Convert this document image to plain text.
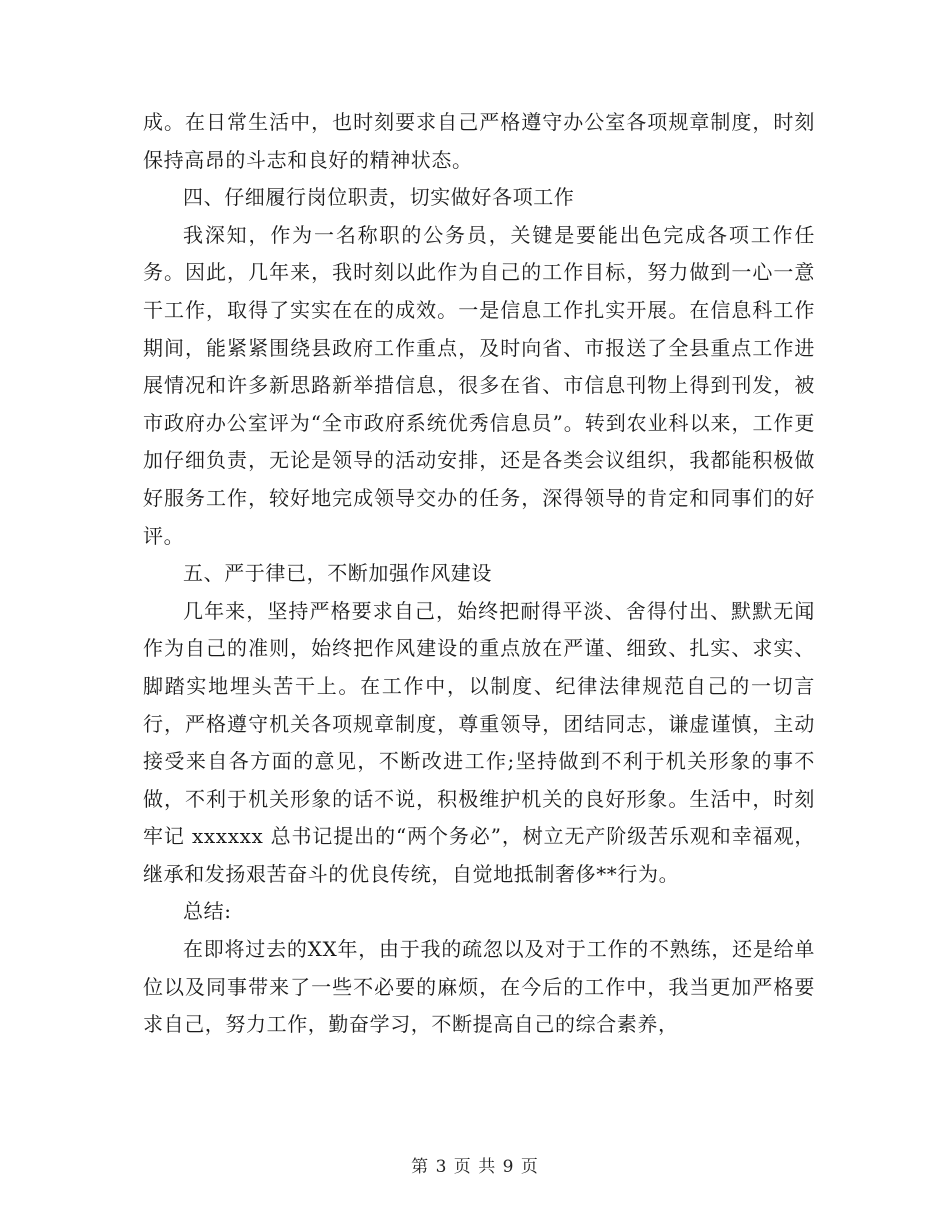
成。在日常生活中，也时刻要求自己严格遵守办公室各项规章制度，时刻保持高昂的斗志和良好的精神状态。

四、仔细履行岗位职责，切实做好各项工作

我深知，作为一名称职的公务员，关键是要能出色完成各项工作任务。因此，几年来，我时刻以此作为自己的工作目标，努力做到一心一意干工作，取得了实实在在的成效。一是信息工作扎实开展。在信息科工作期间，能紧紧围绕县政府工作重点，及时向省、市报送了全县重点工作进展情况和许多新思路新举措信息，很多在省、市信息刊物上得到刊发，被市政府办公室评为“全市政府系统优秀信息员”。转到农业科以来，工作更加仔细负责，无论是领导的活动安排，还是各类会议组织，我都能积极做好服务工作，较好地完成领导交办的任务，深得领导的肯定和同事们的好评。

五、严于律已，不断加强作风建设

几年来，坚持严格要求自己，始终把耐得平淡、舍得付出、默默无闻作为自己的准则，始终把作风建设的重点放在严谨、细致、扎实、求实、脚踏实地埋头苦干上。在工作中，以制度、纪律法律规范自己的一切言行，严格遵守机关各项规章制度，尊重领导，团结同志，谦虚谨慎，主动接受来自各方面的意见，不断改进工作;坚持做到不利于机关形象的事不做，不利于机关形象的话不说，积极维护机关的良好形象。生活中，时刻牢记 xxxxxx 总书记提出的“两个务必”，树立无产阶级苦乐观和幸福观，继承和发扬艰苦奋斗的优良传统，自觉地抵制奢侈**行为。

总结:

在即将过去的XX年，由于我的疏忽以及对于工作的不熟练，还是给单位以及同事带来了一些不必要的麻烦，在今后的工作中，我当更加严格要求自己，努力工作，勤奋学习，不断提高自己的综合素养，

第 3 页 共 9 页
